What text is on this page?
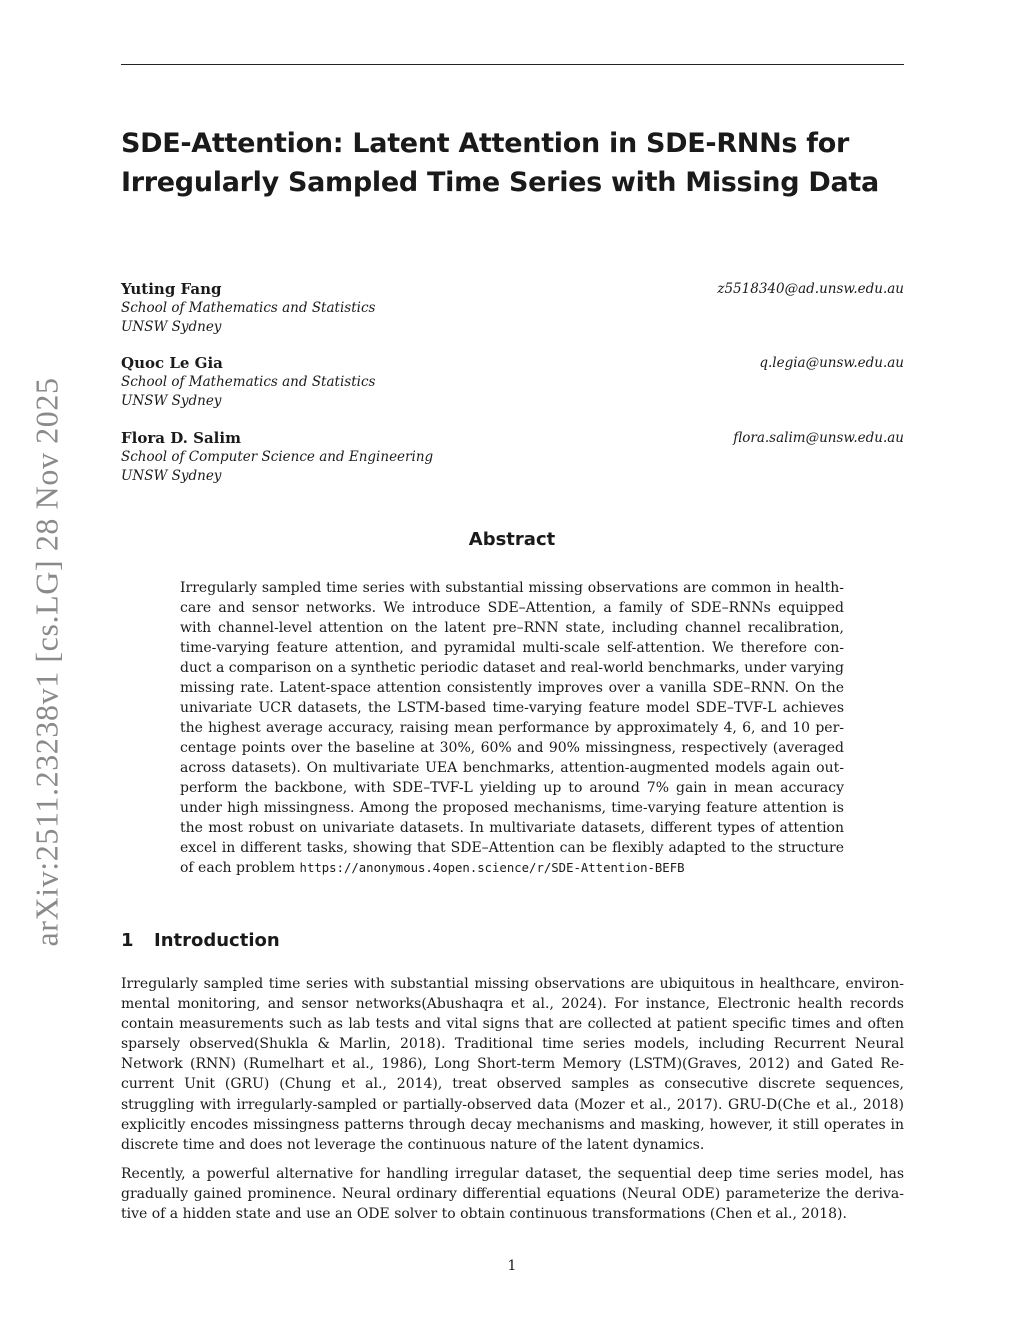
arXiv:2511.23238v1 [cs.LG] 28 Nov 2025
SDE-Attention: Latent Attention in SDE-RNNs for Irregularly Sampled Time Series with Missing Data
Yuting Fang
School of Mathematics and Statistics
UNSW Sydney
z5518340@ad.unsw.edu.au
Quoc Le Gia
School of Mathematics and Statistics
UNSW Sydney
q.legia@unsw.edu.au
Flora D. Salim
School of Computer Science and Engineering
UNSW Sydney
flora.salim@unsw.edu.au
Abstract

Irregularly sampled time series with substantial missing observations are common in healthcare and sensor networks. We introduce SDE–Attention, a family of SDE–RNNs equipped with channel-level attention on the latent pre–RNN state, including channel recalibration, time-varying feature attention, and pyramidal multi-scale self-attention. We therefore conduct a comparison on a synthetic periodic dataset and real-world benchmarks, under varying missing rate. Latent-space attention consistently improves over a vanilla SDE–RNN. On the univariate UCR datasets, the LSTM-based time-varying feature model SDE–TVF-L achieves the highest average accuracy, raising mean performance by approximately 4, 6, and 10 percentage points over the baseline at 30%, 60% and 90% missingness, respectively (averaged across datasets). On multivariate UEA benchmarks, attention-augmented models again outperform the backbone, with SDE–TVF-L yielding up to around 7% gain in mean accuracy under high missingness. Among the proposed mechanisms, time-varying feature attention is the most robust on univariate datasets. In multivariate datasets, different types of attention excel in different tasks, showing that SDE–Attention can be flexibly adapted to the structure of each problem https://anonymous.4open.science/r/SDE-Attention-BEFB

1 Introduction

Irregularly sampled time series with substantial missing observations are ubiquitous in healthcare, environmental monitoring, and sensor networks(Abushaqra et al., 2024). For instance, Electronic health records contain measurements such as lab tests and vital signs that are collected at patient specific times and often sparsely observed(Shukla & Marlin, 2018). Traditional time series models, including Recurrent Neural Network (RNN) (Rumelhart et al., 1986), Long Short-term Memory (LSTM)(Graves, 2012) and Gated Recurrent Unit (GRU) (Chung et al., 2014), treat observed samples as consecutive discrete sequences, struggling with irregularly-sampled or partially-observed data (Mozer et al., 2017). GRU-D(Che et al., 2018) explicitly encodes missingness patterns through decay mechanisms and masking, however, it still operates in discrete time and does not leverage the continuous nature of the latent dynamics.

Recently, a powerful alternative for handling irregular dataset, the sequential deep time series model, has gradually gained prominence. Neural ordinary differential equations (Neural ODE) parameterize the derivative of a hidden state and use an ODE solver to obtain continuous transformations (Chen et al., 2018).

1
